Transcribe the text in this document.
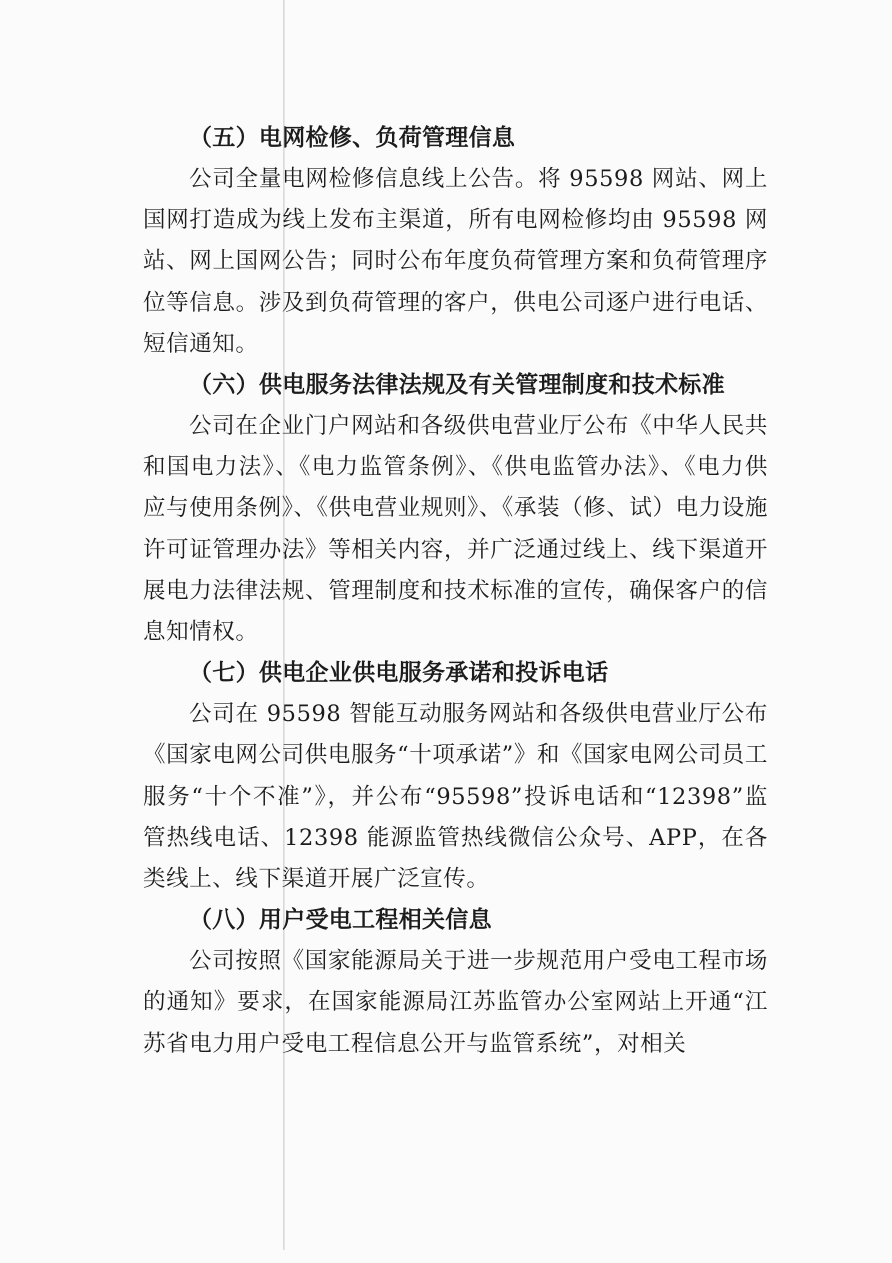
（五）电网检修、负荷管理信息

公司全量电网检修信息线上公告。将 95598 网站、网上国网打造成为线上发布主渠道，所有电网检修均由 95598 网站、网上国网公告；同时公布年度负荷管理方案和负荷管理序位等信息。涉及到负荷管理的客户，供电公司逐户进行电话、短信通知。

（六）供电服务法律法规及有关管理制度和技术标准

公司在企业门户网站和各级供电营业厅公布《中华人民共和国电力法》、《电力监管条例》、《供电监管办法》、《电力供应与使用条例》、《供电营业规则》、《承装（修、试）电力设施许可证管理办法》等相关内容，并广泛通过线上、线下渠道开展电力法律法规、管理制度和技术标准的宣传，确保客户的信息知情权。

（七）供电企业供电服务承诺和投诉电话

公司在 95598 智能互动服务网站和各级供电营业厅公布《国家电网公司供电服务“十项承诺”》和《国家电网公司员工服务“十个不准”》，并公布“95598”投诉电话和“12398”监管热线电话、12398 能源监管热线微信公众号、APP，在各类线上、线下渠道开展广泛宣传。

（八）用户受电工程相关信息

公司按照《国家能源局关于进一步规范用户受电工程市场的通知》要求，在国家能源局江苏监管办公室网站上开通“江苏省电力用户受电工程信息公开与监管系统”，对相关
